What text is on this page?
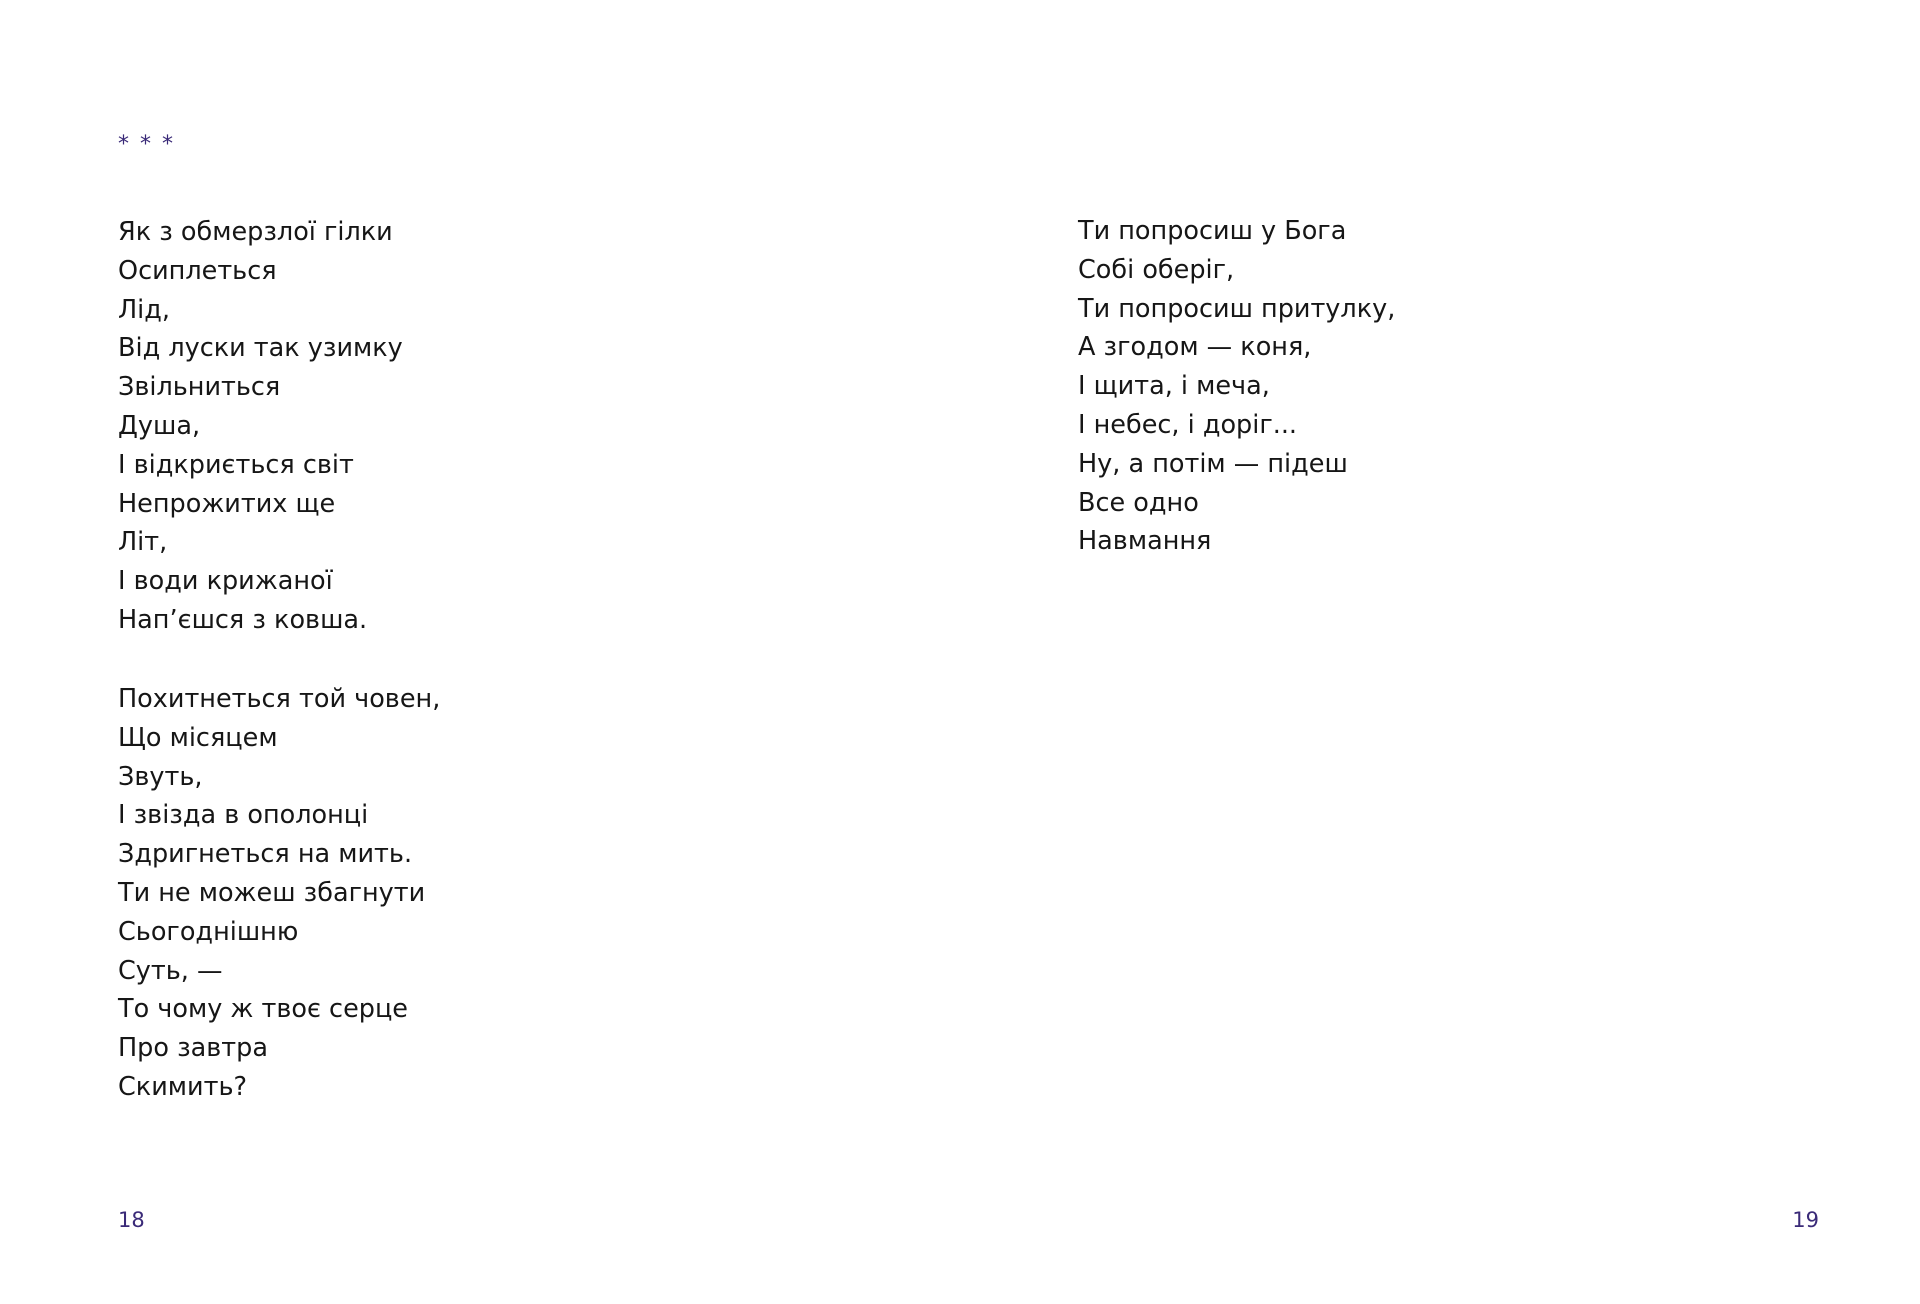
* * *

Як з обмерзлої гілки
Осиплеться
Лід,
Від луски так узимку
Звільниться
Душа,
І відкриється світ
Непрожитих ще
Літ,
І води крижаної
Нап’єшся з ковша.
Похитнеться той човен,
Що місяцем
Звуть,
І звізда в ополонці
Здригнеться на мить.
Ти не можеш збагнути
Сьогоднішню
Суть, —
То чому ж твоє серце
Про завтра
Скимить?

18

Ти попросиш у Бога
Собі оберіг,
Ти попросиш притулку,
А згодом — коня,
І щита, і меча,
І небес, і доріг...
Ну, а потім — підеш
Все одно
Навмання

19
